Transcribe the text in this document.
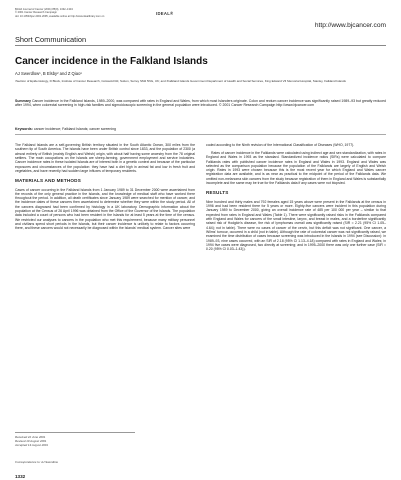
British Journal of Cancer (2001) 85(9), 1332–1334
© 2001 Cancer Research Campaign
doi: 10.1054/bjoc.2001.2095, available online at http://www.idealibrary.com on
IDEAL®
http://www.bjcancer.com
Short Communication
Cancer incidence in the Falkland Islands
AJ Swerdlow¹, B Elsby² and Z Qiao¹
¹Section of Epidemiology, D Block, Institute of Cancer Research, Cotswold Rd, Sutton, Surrey SM2 5NG, UK; and ²Falkland Islands Government Department of Health and Social Services, King Edward VII Memorial Hospital, Stanley, Falkland Islands
Summary Cancer incidence in the Falkland Islands, 1989–2000, was compared with rates in England and Wales, from which most Islanders originate. Colon and rectum cancer incidence was significantly raised 1989–93 but greatly reduced after 1994, when colorectal screening in high-risk families and sigmoidoscopic screening in the general population were introduced. © 2001 Cancer Research Campaign http://www.bjcancer.com
Keywords: cancer incidence; Falkland Islands; cancer screening

The Falkland Islands are a self-governing British territory situated in the South Atlantic Ocean, 300 miles from the southern tip of South America. The islands have been under British control since 1833, and the population of 2300 (a almost entirely of British (mainly English and Welsh) origin, with about half having some ancestry from the 78 original settlers. The main occupations on the Islands are sheep-farming, government employment and service industries. Cancer incidence rates in these isolated Islands are of interest both in a genetic context and because of the particular exposures and circumstances of the population: they have had a diet high in animal fat and low in fresh fruit and vegetables, and have recently had sudden large influxes of temporary residents.

MATERIALS AND METHODS

Cases of cancer occurring in the Falkland Islands from 1 January 1989 to 31 December 2000 were ascertained from the records of the only general practice in the Islands, and the knowledge of medical staff who have worked there throughout the period. In addition, all death certificates since January 1989 were searched for mention of cancer, and the incidence dates of these cancers then ascertained to determine whether they were within the study period. All of the cancers diagnosed had been confirmed by histology in a UK laboratory. Demographic information about the population at the Census of 26 April 1996 was obtained from the Office of the Governor of the Islands. The population data included a count of persons who had been resident in the Islands for at least 5 years at the time of the census. We restricted our analyses to cancers in the population who met this requirement, because many military personnel and civilians spend short periods in the Islands, but their cancer incidence is unlikely to relate to factors occurring there, and these cancers would not necessarily be diagnosed within the Islands' medical system. Cancer sites were

coded according to the Ninth revision of the International Classification of Diseases (WHO, 1977).

Rates of cancer incidence in the Falklands were calculated using indirect age and sex standardization, with rates in England and Wales in 1993 as the standard. Standardized incidence ratios (SIRs) were calculated to compare Falklands rates with published cancer incidence rates in England and Wales in 1993. England and Wales was selected as the comparison population because the population of the Falklands are largely of English and Welsh origin. Rates in 1993 were chosen because this is the most recent year for which England and Wales cancer registration data are available, and is as near as practical to the midpoint of the period of the Falklands data. We omitted non-melanoma skin cancers from the study because registration of them in England and Wales is substantially incomplete and the same may be true for the Falklands data if any cases were not biopsied.

RESULTS

Nine hundred and thirty males and 792 females aged 15 years above were present in the Falklands at the census in 1996 and had been resident there for 5 years or more. Eighty-five cancers were incident in this population during January 1989 to December 2000, giving an overall incidence rate of 485 per 100 000 per year – similar to that expected from rates in England and Wales (Table 1). There were significantly raised risks in the Falklands compared with England and Wales for cancers of the small intestine, larynx, and breast in males, and a borderline significantly raised risk of Hodgkin's disease, the risk of lymphomas overall was significantly raised (SIR = 2.21 (95% CI 1.05–4.64); not in table). There were no cases of cancer of the cervix, but this deficit was not significant. One cancer, a Wilms' tumour, occurred in a child (not in table). Although the rate of colorectal cancer was not significantly raised, we examined the time distribution of cases because screening was introduced in the Islands in 1994 (see Discussion): in 1989–93, nine cases occurred, with an SIR of 2.18 (95% CI 1.13–4.18) compared with rates in England and Wales; in 1994 five cases were diagnosed, two directly at screening; and in 1995–2000 there was only one further case (SIR = 0.20 (95% CI 0.03–1.43)).

Received 22 June 2001
Revised 10 August 2001
Accepted 13 August 2001
Correspondence to: AJ Swerdlow
1332
